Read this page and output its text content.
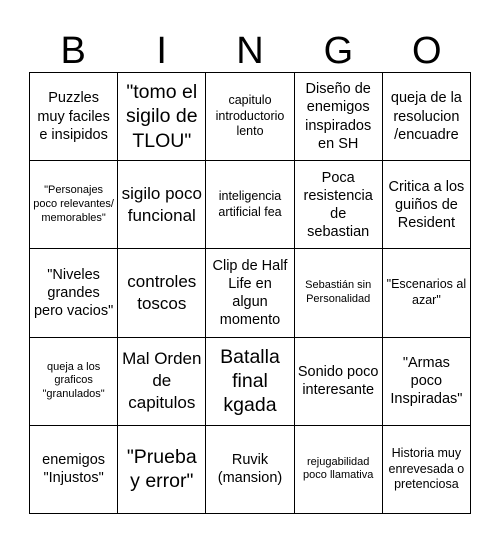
B	I	N	G	O
Puzzles muy faciles e insipidos
"tomo el sigilo de TLOU"
capitulo introductorio lento
Diseño de enemigos inspirados en SH
queja de la resolucion /encuadre
"Personajes poco relevantes/ memorables"
sigilo poco funcional
inteligencia artificial fea
Poca resistencia de sebastian
Critica a los guiños de Resident
"Niveles grandes pero vacios"
controles toscos
Clip de Half Life en algun momento
Sebastián sin Personalidad
"Escenarios al azar"
queja a los graficos "granulados"
Mal Orden de capitulos
Batalla final kgada
Sonido poco interesante
"Armas poco Inspiradas"
enemigos "Injustos"
"Prueba y error"
Ruvik (mansion)
rejugabilidad poco llamativa
Historia muy enrevesada o pretenciosa
